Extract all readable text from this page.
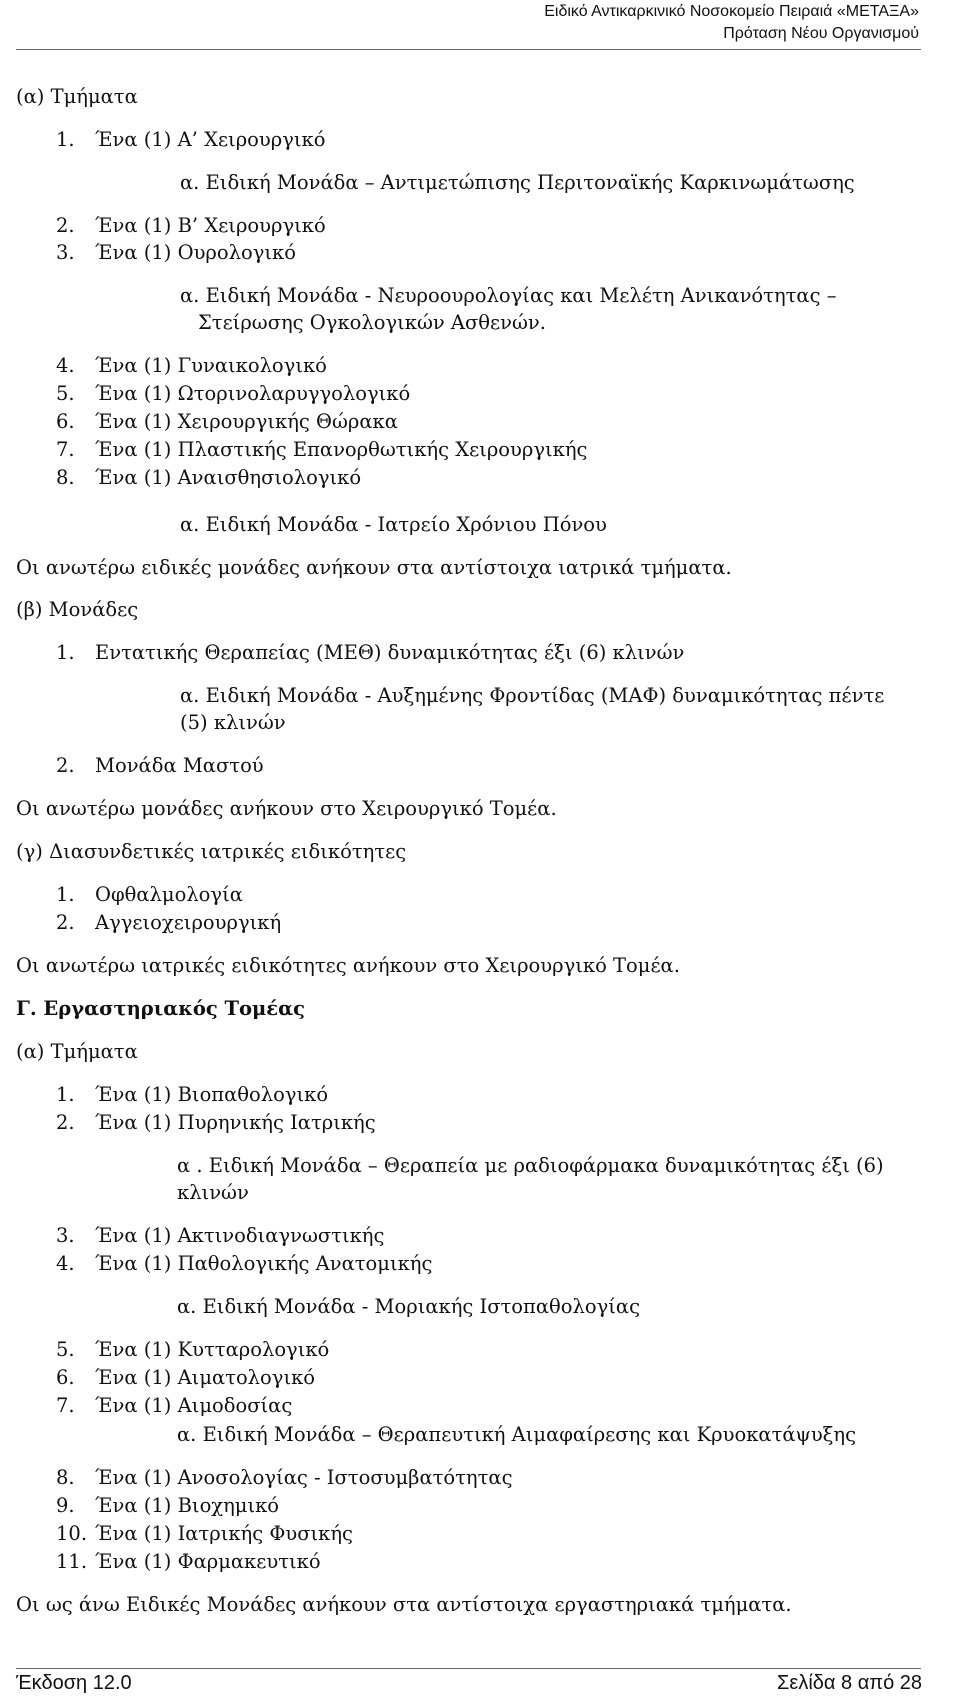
Ειδικό Αντικαρκινικό Νοσοκομείο Πειραιά «ΜΕΤΑΞΑ»
Πρόταση Νέου Οργανισμού
(α) Τμήματα
1. Ένα (1) Α’ Χειρουργικό
α. Ειδική Μονάδα – Αντιμετώπισης Περιτοναϊκής Καρκινωμάτωσης
2. Ένα (1) Β’ Χειρουργικό
3. Ένα (1) Ουρολογικό
α. Ειδική Μονάδα - Νευροουρολογίας και Μελέτη Ανικανότητας –
Στείρωσης Ογκολογικών Ασθενών.
4. Ένα (1) Γυναικολογικό
5. Ένα (1) Ωτορινολαρυγγολογικό
6. Ένα (1) Χειρουργικής Θώρακα
7. Ένα (1) Πλαστικής Επανορθωτικής Χειρουργικής
8. Ένα (1) Αναισθησιολογικό
α. Ειδική Μονάδα - Ιατρείο Χρόνιου Πόνου
Οι ανωτέρω ειδικές μονάδες ανήκουν στα αντίστοιχα ιατρικά τμήματα.
(β) Μονάδες
1. Εντατικής Θεραπείας (ΜΕΘ) δυναμικότητας έξι (6) κλινών
α. Ειδική Μονάδα - Αυξημένης Φροντίδας (ΜΑΦ) δυναμικότητας πέντε
(5) κλινών
2. Μονάδα Μαστού
Οι ανωτέρω μονάδες ανήκουν στο Χειρουργικό Τομέα.
(γ) Διασυνδετικές ιατρικές ειδικότητες
1. Οφθαλμολογία
2. Αγγειοχειρουργική
Οι ανωτέρω ιατρικές ειδικότητες ανήκουν στο Χειρουργικό Τομέα.
Γ. Εργαστηριακός Τομέας
(α) Τμήματα
1. Ένα (1) Βιοπαθολογικό
2. Ένα (1) Πυρηνικής Ιατρικής
α . Ειδική Μονάδα – Θεραπεία με ραδιοφάρμακα δυναμικότητας έξι (6)
κλινών
3. Ένα (1) Ακτινοδιαγνωστικής
4. Ένα (1) Παθολογικής Ανατομικής
α. Ειδική Μονάδα - Μοριακής Ιστοπαθολογίας
5. Ένα (1) Κυτταρολογικό
6. Ένα (1) Αιματολογικό
7. Ένα (1) Αιμοδοσίας
α. Ειδική Μονάδα – Θεραπευτική Αιμαφαίρεσης και Κρυοκατάψυξης
8. Ένα (1) Ανοσολογίας - Ιστοσυμβατότητας
9. Ένα (1) Βιοχημικό
10. Ένα (1) Ιατρικής Φυσικής
11. Ένα (1) Φαρμακευτικό
Οι ως άνω Ειδικές Μονάδες ανήκουν στα αντίστοιχα εργαστηριακά τμήματα.
Έκδοση 12.0	Σελίδα 8 από 28
